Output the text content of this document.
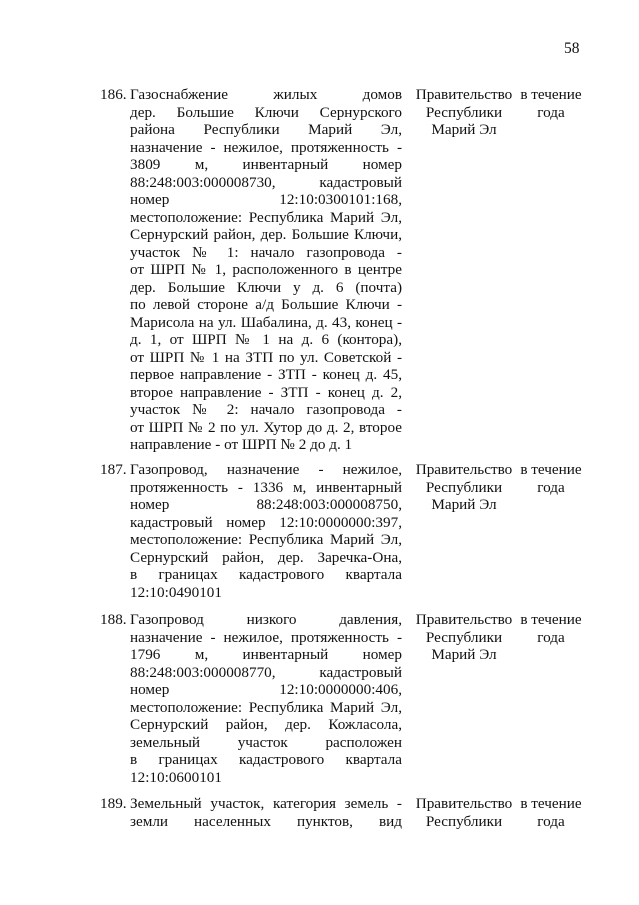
58
186. Газоснабжение жилых домов
дер. Большие Ключи Сернурского
района Республики Марий Эл,
назначение - нежилое, протяженность -
3809 м, инвентарный номер
88:248:003:000008730, кадастровый
номер 12:10:0300101:168,
местоположение: Республика Марий Эл,
Сернурский район, дер. Большие Ключи,
участок № 1: начало газопровода -
от ШРП № 1, расположенного в центре
дер. Большие Ключи у д. 6 (почта)
по левой стороне а/д Большие Ключи -
Марисола на ул. Шабалина, д. 43, конец -
д. 1, от ШРП № 1 на д. 6 (контора),
от ШРП № 1 на ЗТП по ул. Советской -
первое направление - ЗТП - конец д. 45,
второе направление - ЗТП - конец д. 2,
участок № 2: начало газопровода -
от ШРП № 2 по ул. Хутор до д. 2, второе
направление - от ШРП № 2 до д. 1
Правительство
Республики
Марий Эл
в течение
года
187. Газопровод, назначение - нежилое,
протяженность - 1336 м, инвентарный
номер 88:248:003:000008750,
кадастровый номер 12:10:0000000:397,
местоположение: Республика Марий Эл,
Сернурский район, дер. Заречка-Она,
в границах кадастрового квартала
12:10:0490101
Правительство
Республики
Марий Эл
в течение
года
188. Газопровод низкого давления,
назначение - нежилое, протяженность -
1796 м, инвентарный номер
88:248:003:000008770, кадастровый
номер 12:10:0000000:406,
местоположение: Республика Марий Эл,
Сернурский район, дер. Кожласола,
земельный участок расположен
в границах кадастрового квартала
12:10:0600101
Правительство
Республики
Марий Эл
в течение
года
189. Земельный участок, категория земель -
земли населенных пунктов, вид
Правительство
Республики
в течение
года
